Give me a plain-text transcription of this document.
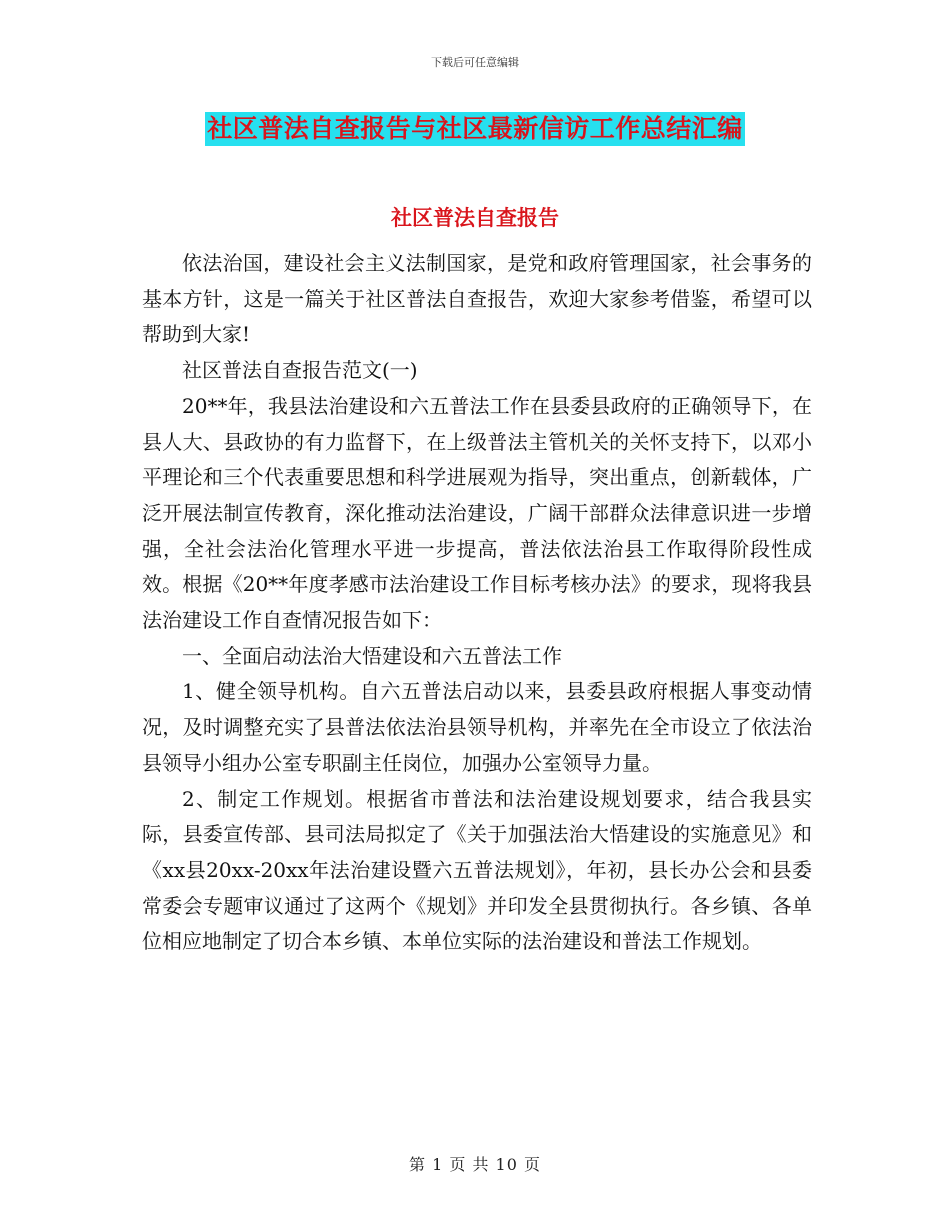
下载后可任意编辑
社区普法自查报告与社区最新信访工作总结汇编
社区普法自查报告

依法治国，建设社会主义法制国家，是党和政府管理国家，社会事务的基本方针，这是一篇关于社区普法自查报告，欢迎大家参考借鉴，希望可以帮助到大家!

社区普法自查报告范文(一)

20**年，我县法治建设和六五普法工作在县委县政府的正确领导下，在县人大、县政协的有力监督下，在上级普法主管机关的关怀支持下，以邓小平理论和三个代表重要思想和科学进展观为指导，突出重点，创新载体，广泛开展法制宣传教育，深化推动法治建设，广阔干部群众法律意识进一步增强，全社会法治化管理水平进一步提高，普法依法治县工作取得阶段性成效。根据《20**年度孝感市法治建设工作目标考核办法》的要求，现将我县法治建设工作自查情况报告如下：

一、全面启动法治大悟建设和六五普法工作

1、健全领导机构。自六五普法启动以来，县委县政府根据人事变动情况，及时调整充实了县普法依法治县领导机构，并率先在全市设立了依法治县领导小组办公室专职副主任岗位，加强办公室领导力量。

2、制定工作规划。根据省市普法和法治建设规划要求，结合我县实际，县委宣传部、县司法局拟定了《关于加强法治大悟建设的实施意见》和《xx县20xx-20xx年法治建设暨六五普法规划》，年初，县长办公会和县委常委会专题审议通过了这两个《规划》并印发全县贯彻执行。各乡镇、各单位相应地制定了切合本乡镇、本单位实际的法治建设和普法工作规划。

第 1 页 共 10 页
